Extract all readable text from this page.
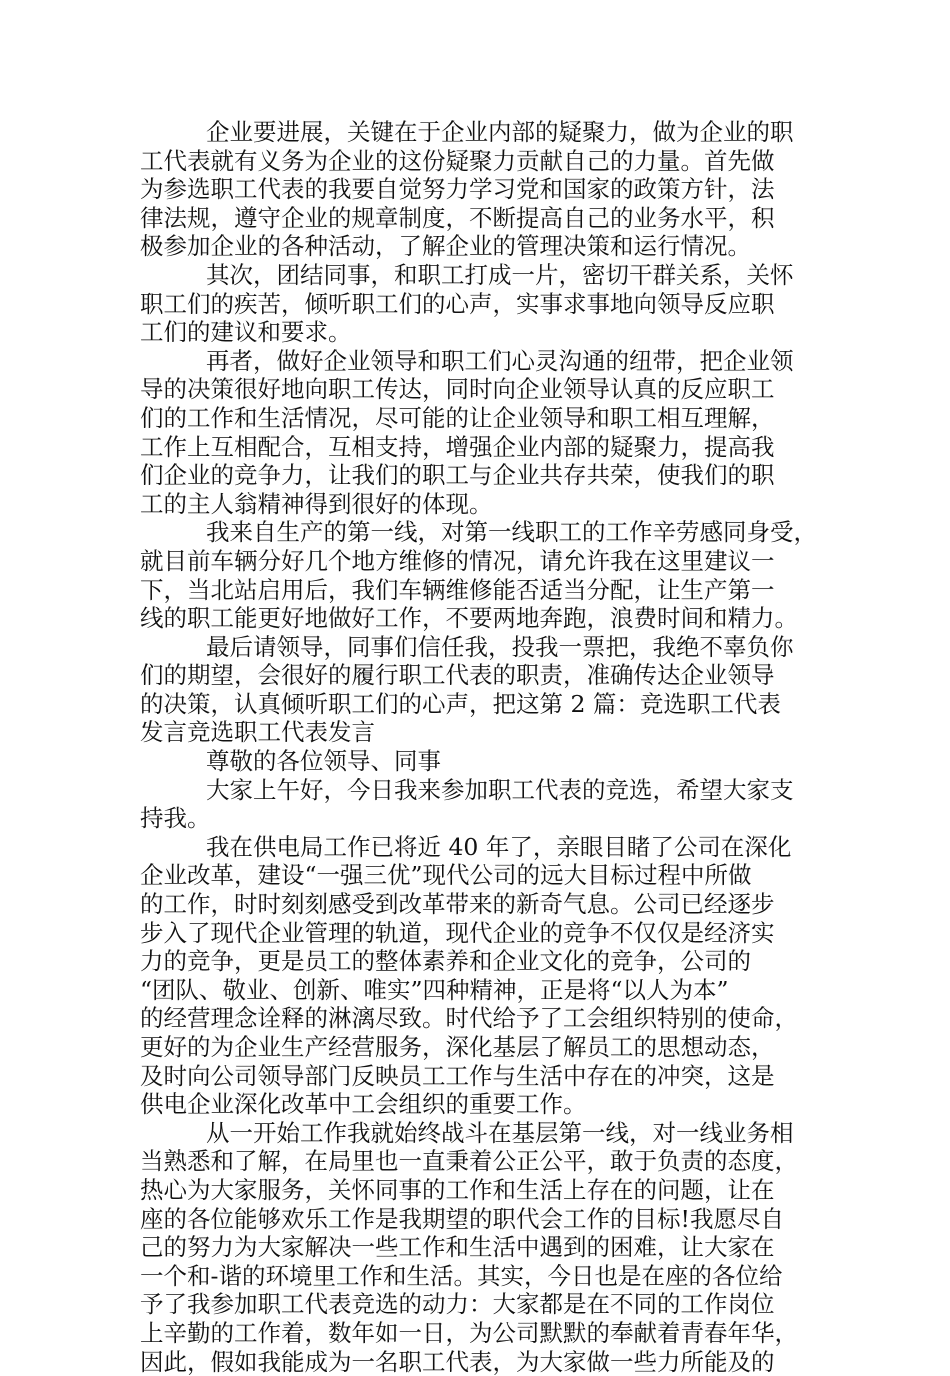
企业要进展，关键在于企业内部的疑聚力，做为企业的职
工代表就有义务为企业的这份疑聚力贡献自己的力量。首先做
为参选职工代表的我要自觉努力学习党和国家的政策方针，法
律法规，遵守企业的规章制度，不断提高自己的业务水平，积
极参加企业的各种活动，了解企业的管理决策和运行情况。
其次，团结同事，和职工打成一片，密切干群关系，关怀
职工们的疾苦，倾听职工们的心声，实事求事地向领导反应职
工们的建议和要求。
再者，做好企业领导和职工们心灵沟通的纽带，把企业领
导的决策很好地向职工传达，同时向企业领导认真的反应职工
们的工作和生活情况，尽可能的让企业领导和职工相互理解，
工作上互相配合，互相支持，增强企业内部的疑聚力，提高我
们企业的竞争力，让我们的职工与企业共存共荣，使我们的职
工的主人翁精神得到很好的体现。
我来自生产的第一线，对第一线职工的工作辛劳感同身受，
就目前车辆分好几个地方维修的情况，请允许我在这里建议一
下，当北站启用后，我们车辆维修能否适当分配，让生产第一
线的职工能更好地做好工作，不要两地奔跑，浪费时间和精力。
最后请领导，同事们信任我，投我一票把，我绝不辜负你
们的期望，会很好的履行职工代表的职责，准确传达企业领导
的决策，认真倾听职工们的心声，把这第 2 篇：竞选职工代表
发言竞选职工代表发言
尊敬的各位领导、同事
大家上午好，今日我来参加职工代表的竞选，希望大家支
持我。
我在供电局工作已将近 40 年了，亲眼目睹了公司在深化
企业改革，建设“一强三优”现代公司的远大目标过程中所做
的工作，时时刻刻感受到改革带来的新奇气息。公司已经逐步
步入了现代企业管理的轨道，现代企业的竞争不仅仅是经济实
力的竞争，更是员工的整体素养和企业文化的竞争，公司的
“团队、敬业、创新、唯实”四种精神，正是将“以人为本”
的经营理念诠释的淋漓尽致。时代给予了工会组织特别的使命，
更好的为企业生产经营服务，深化基层了解员工的思想动态，
及时向公司领导部门反映员工工作与生活中存在的冲突，这是
供电企业深化改革中工会组织的重要工作。
从一开始工作我就始终战斗在基层第一线，对一线业务相
当熟悉和了解，在局里也一直秉着公正公平，敢于负责的态度，
热心为大家服务，关怀同事的工作和生活上存在的问题，让在
座的各位能够欢乐工作是我期望的职代会工作的目标!我愿尽自
己的努力为大家解决一些工作和生活中遇到的困难，让大家在
一个和-谐的环境里工作和生活。其实，今日也是在座的各位给
予了我参加职工代表竞选的动力：大家都是在不同的工作岗位
上辛勤的工作着，数年如一日，为公司默默的奉献着青春年华，
因此，假如我能成为一名职工代表，为大家做一些力所能及的
